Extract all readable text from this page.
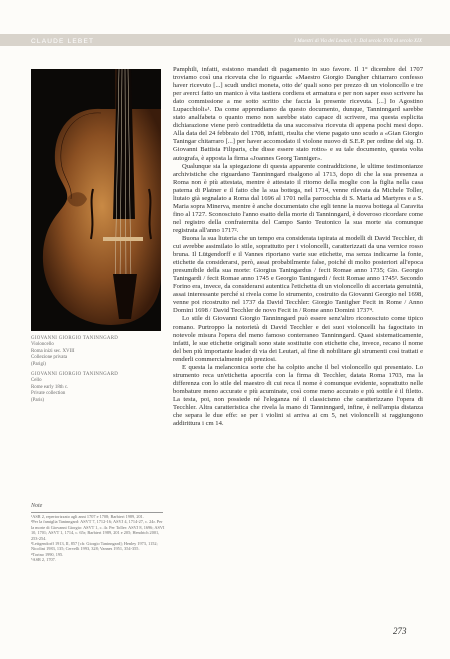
CLAUDE LEBET	I Maestri di Via dei Leutari, 1: Dal secolo XVII al secolo XIX
GIOVANNI GIORGIO TANINNGARD
Violoncello
Roma inizi sec. XVIII
Collezione privata
(Parigi)
GIOVANNI GIORGIO TANINNGARD
Cello
Rome early 18th c.
Private collection
(Paris)
Note

¹ASR 2, repertorizzato agli anni 1707 e 1708; Barbieri 1989, 201.

²Per la famiglia Taninngard: ASVT 7, 1712-16; ASVJ 4, 1714-27, c. 24r. Per la morte di Giovanni Giorgio: ASVT 1, c. 4r. Per Toller: ASVJ 8, 1696; ASVI 10, 1701; ASVT 1, 1714, c. 65r; Barbieri 1989, 201 e 205; Hendrich 2001, 253-254.

³Leitgendorff 1913, II, 857 [cfr. Giorgio Taninngard]; Henley 1973, 1152; Nicolini 1983, 135; Cervelli 1993, 328; Vannes 1951, 354-355.

⁴Torino 1990, 195.

⁵ASR 2, 1707.

Pamphili, infatti, esistono mandati di pagamento in suo favore. Il 1° dicembre del 1707 troviamo così una ricevuta che lo riguarda: «Maestro Giorgio Dangher chitarraro confesso haver ricevuto [...] scudi undici moneta, otto de' quali sono per prezzo di un violoncello e tre per averci fatto un manico à vita tastiera cordiera et armatura e per non saper esso scrivere ha dato commissione a me sotto scritto che faccia la presente ricevuta. [...] Io Agostino Lupacchioli»¹. Da come apprendiamo da questo documento, dunque, Tanninngard sarebbe stato analfabeta o quanto meno non sarebbe stato capace di scrivere, ma questa esplicita dichiarazione viene però contraddetta da una successiva ricevuta di appena pochi mesi dopo. Alla data del 24 febbraio del 1708, infatti, risulta che viene pagato uno scudo a «Gian Giorgio Taningar chitarraro [...] per haver accomodato il violone nuovo di S.E.P. per ordine del sig. D. Giovanni Battista Filiparis, che disse essere stato rotto» e su tale documento, questa volta autografa, è apposta la firma «Joannes Georg Tanniger».

Qualunque sia la spiegazione di questa apparente contraddizione, le ultime testimonianze archivistiche che riguardano Tanninngard risalgono al 1713, dopo di che la sua presenza a Roma non è più attestata, mentre è attestato il ritorno della moglie con la figlia nella casa paterna di Platner e il fatto che la sua bottega, nel 1714, venne rilevata da Michele Toller, liutaio già segnalato a Roma dal 1696 al 1701 nella parrocchia di S. Maria ad Martyres e a S. Maria sopra Minerva, mentre è anche documentato che egli tenne la nuova bottega al Caravita fino al 1727. Sconosciuto l'anno esatto della morte di Tanninngard, è doveroso ricordare come nel registro della confraternita del Campo Santo Teutonico la sua morte sia comunque registrata all'anno 1717².

Buona la sua liuteria che un tempo era considerata ispirata ai modelli di David Tecchler, di cui avrebbe assimilato lo stile, soprattutto per i violoncelli, caratterizzati da una vernice rosso bruna. Il Lütgendorff e il Vannes riportano varie sue etichette, ma senza indicarne la fonte, etichette da considerarsi, però, assai probabilmente false, poiché di molto posteriori all'epoca presumibile della sua morte: Giorgius Taningardus / fecit Romae anno 1735; Gio. Georgio Taningardi / fecit Romae anno 1745 e Georgio Taningardi / fecit Romae anno 1745³. Secondo Forino era, invece, da considerarsi autentica l'etichetta di un violoncello di accertata genuinità, assai interessante perché si rivela come lo strumento, costruito da Giovanni Georgio nel 1698, venne poi ricostruito nel 1737 da David Tecchler: Giorgio Taniigher Fecit in Rome / Anno Domini 1698 / David Tecchler de novo Fecit in / Rome anno Domini 1737⁴.

Lo stile di Giovanni Giorgio Tanninngard può essere senz'altro riconosciuto come tipico romano. Purtroppo la notorietà di David Tecchler e dei suoi violoncelli ha fagocitato in notevole misura l'opera del meno famoso conterraneo Tanninngard. Quasi sistematicamente, infatti, le sue etichette originali sono state sostituite con etichette che, invece, recano il nome del ben più importante leader di via dei Leutari, al fine di nobilitare gli strumenti così trattati e renderli commercialmente più preziosi.

E questa la melanconica sorte che ha colpito anche il bel violoncello qui presentato. Lo strumento reca un'etichetta apocrifa con la firma di Tecchler, datata Roma 1703, ma la differenza con lo stile del maestro di cui reca il nome è comunque evidente, soprattutto nelle bombature meno accurate e più acuminate, così come meno accurato e più sottile è il filetto. La testa, poi, non possiede né l'eleganza né il classicismo che caratterizzano l'opera di Tecchler. Altra caratteristica che rivela la mano di Tanninngard, infine, è nell'ampia distanza che separa le due effe: se per i violini si arriva ai cm 5, nei violoncelli si raggiungono addirittura i cm 14.

273
